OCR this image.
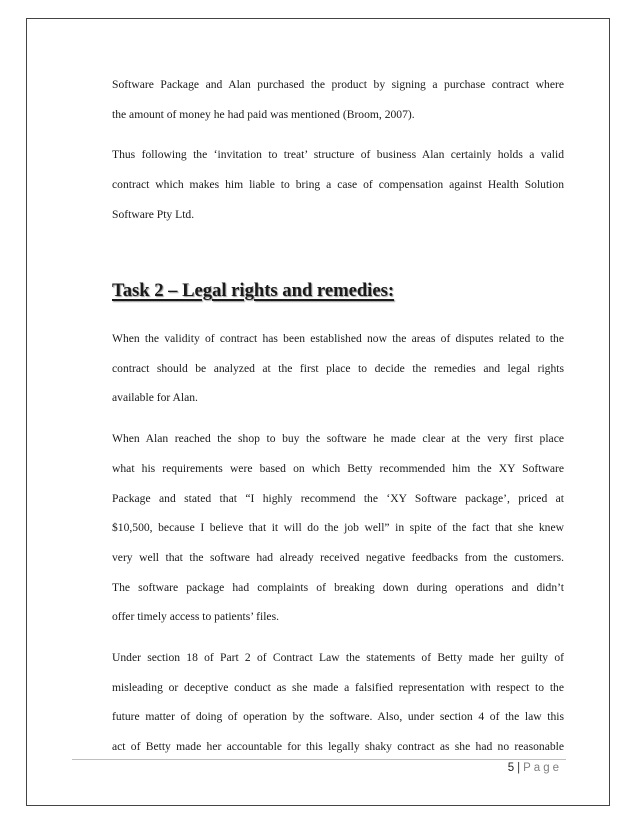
Software Package and Alan purchased the product by signing a purchase contract where
the amount of money he had paid was mentioned (Broom, 2007).

Thus following the ‘invitation to treat’ structure of business Alan certainly holds a valid
contract which makes him liable to bring a case of compensation against Health Solution
Software Pty Ltd.

Task 2 – Legal rights and remedies:

When the validity of contract has been established now the areas of disputes related to the
contract should be analyzed at the first place to decide the remedies and legal rights
available for Alan.

When Alan reached the shop to buy the software he made clear at the very first place
what his requirements were based on which Betty recommended him the XY Software
Package and stated that “I highly recommend the ‘XY Software package’, priced at
$10,500, because I believe that it will do the job well” in spite of the fact that she knew
very well that the software had already received negative feedbacks from the customers.
The software package had complaints of breaking down during operations and didn’t
offer timely access to patients’ files.

Under section 18 of Part 2 of Contract Law the statements of Betty made her guilty of
misleading or deceptive conduct as she made a falsified representation with respect to the
future matter of doing of operation by the software. Also, under section 4 of the law this
act of Betty made her accountable for this legally shaky contract as she had no reasonable

5 | Page
